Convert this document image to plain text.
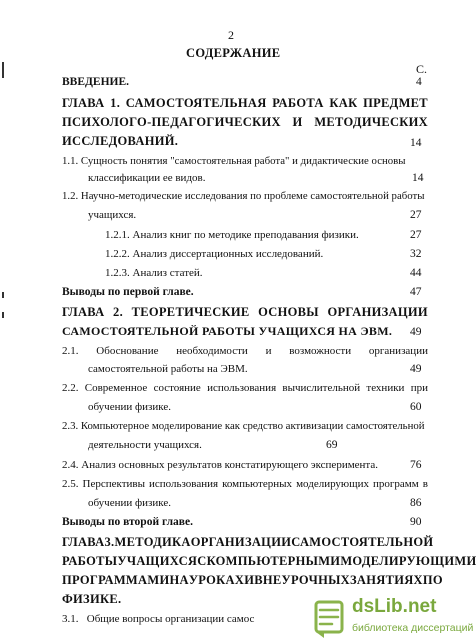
2
СОДЕРЖАНИЕ
С.
ВВЕДЕНИЕ.	4
ГЛАВА 1. САМОСТОЯТЕЛЬНАЯ РАБОТА КАК ПРЕДМЕТ
ПСИХОЛОГО-ПЕДАГОГИЧЕСКИХ И МЕТОДИЧЕСКИХ
ИССЛЕДОВАНИЙ.	14
1.1. Сущность понятия "самостоятельная работа" и дидактические основы
классификации ее видов.	14
1.2. Научно-методические исследования по проблеме самостоятельной работы
учащихся.	27
1.2.1. Анализ книг по методике преподавания физики.	27
1.2.2. Анализ диссертационных исследований.	32
1.2.3. Анализ статей.	44
Выводы по первой главе.	47
ГЛАВА 2. ТЕОРЕТИЧЕСКИЕ ОСНОВЫ ОРГАНИЗАЦИИ
САМОСТОЯТЕЛЬНОЙ РАБОТЫ УЧАЩИХСЯ НА ЭВМ. 49
2.1. Обоснование необходимости и возможности организации
самостоятельной работы на ЭВМ.	49
2.2. Современное состояние использования вычислительной техники при
обучении физике.	60
2.3. Компьютерное моделирование как средство активизации самостоятельной
деятельности учащихся.	69
2.4. Анализ основных результатов констатирующего эксперимента.	76
2.5. Перспективы использования компьютерных моделирующих программ в
обучении физике.	86
Выводы по второй главе.	90
ГЛАВА 3. МЕТОДИКА ОРГАНИЗАЦИИ САМОСТОЯТЕЛЬНОЙ
РАБОТЫ УЧАЩИХСЯ С КОМПЬЮТЕРНЫМИ МОДЕЛИРУЮЩИМИ
ПРОГРАММАМИ НА УРОКАХ И ВНЕУРОЧНЫХ ЗАНЯТИЯХ ПО
ФИЗИКЕ.
3.1.   Общие вопросы организации самос
dsLib.net
библиотека диссертаций
